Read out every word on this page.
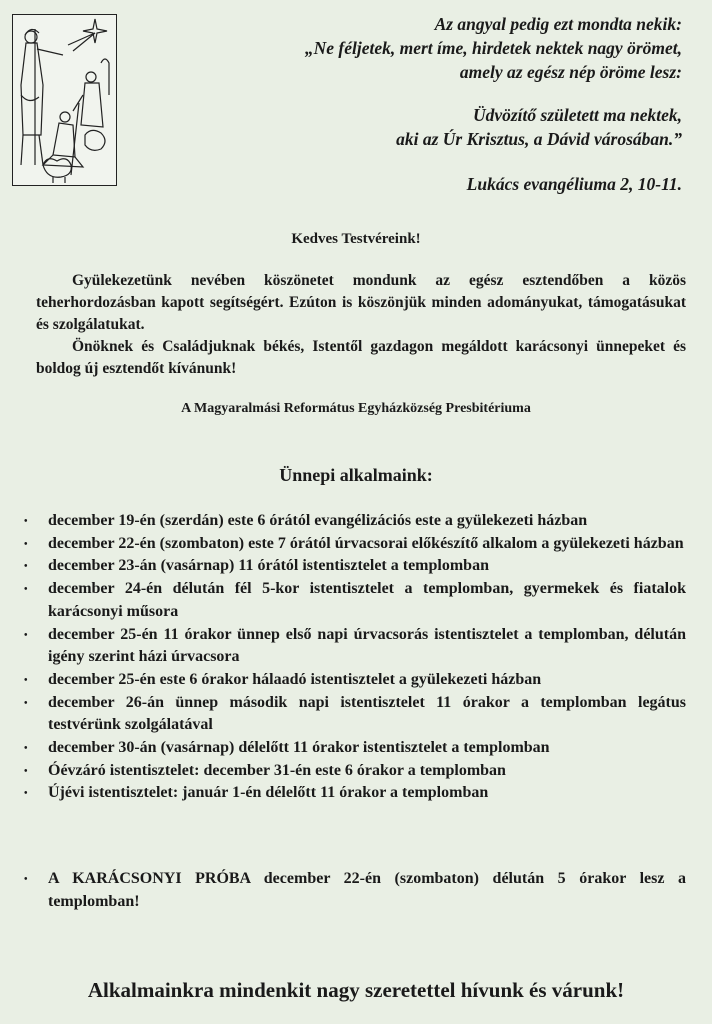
Az angyal pedig ezt mondta nekik:
„Ne féljetek, mert íme, hirdetek nektek nagy örömet,
amely az egész nép öröme lesz:
Üdvözítő született ma nektek,
aki az Úr Krisztus, a Dávid városában.”
Lukács evangéliuma 2, 10-11.
Kedves Testvéreink!

Gyülekezetünk nevében köszönetet mondunk az egész esztendőben a közös teherhordozásban kapott segítségért. Ezúton is köszönjük minden adományukat, támogatásukat és szolgálatukat.

Önöknek és Családjuknak békés, Istentől gazdagon megáldott karácsonyi ünnepeket és boldog új esztendőt kívánunk!

A Magyaralmási Református Egyházközség Presbitériuma
Ünnepi alkalmaink:
• december 19-én (szerdán) este 6 órától evangélizációs este a gyülekezeti házban
• december 22-én (szombaton) este 7 órától úrvacsorai előkészítő alkalom a gyülekezeti házban
• december 23-án (vasárnap) 11 órától istentisztelet a templomban
• december 24-én délután fél 5-kor istentisztelet a templomban, gyermekek és fiatalok karácsonyi műsora
• december 25-én 11 órakor ünnep első napi úrvacsorás istentisztelet a templomban, délután igény szerint házi úrvacsora
• december 25-én este 6 órakor hálaadó istentisztelet a gyülekezeti házban
• december 26-án ünnep második napi istentisztelet 11 órakor a templomban legátus testvérünk szolgálatával
• december 30-án (vasárnap) délelőtt 11 órakor istentisztelet a templomban
• Óévzáró istentisztelet: december 31-én este 6 órakor a templomban
• Újévi istentisztelet: január 1-én délelőtt 11 órakor a templomban
• A KARÁCSONYI PRÓBA december 22-én (szombaton) délután 5 órakor lesz a templomban!
Alkalmainkra mindenkit nagy szeretettel hívunk és várunk!
